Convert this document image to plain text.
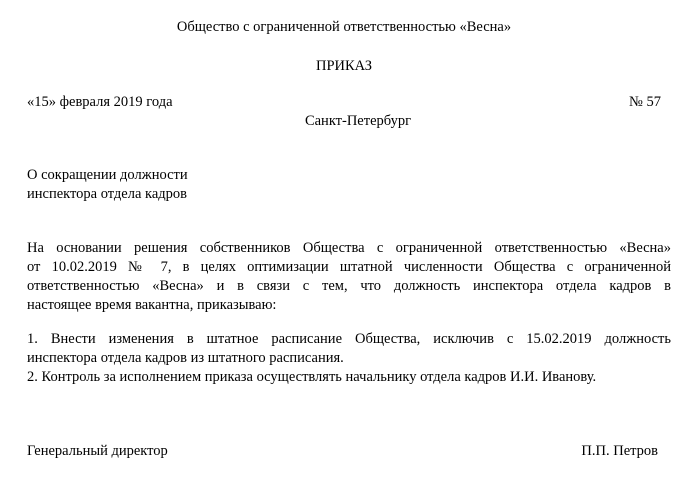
Общество с ограниченной ответственностью «Весна»
ПРИКАЗ
«15» февраля 2019 года	№ 57
Санкт-Петербург
О сокращении должности
инспектора отдела кадров
На основании решения собственников Общества с ограниченной ответственностью «Весна»
от 10.02.2019 № 7, в целях оптимизации штатной численности Общества с ограниченной
ответственностью «Весна» и в связи с тем, что должность инспектора отдела кадров в
настоящее время вакантна, приказываю:
1. Внести изменения в штатное расписание Общества, исключив с 15.02.2019 должность
инспектора отдела кадров из штатного расписания.
2. Контроль за исполнением приказа осуществлять начальнику отдела кадров И.И. Иванову.
Генеральный директор	П.П. Петров
